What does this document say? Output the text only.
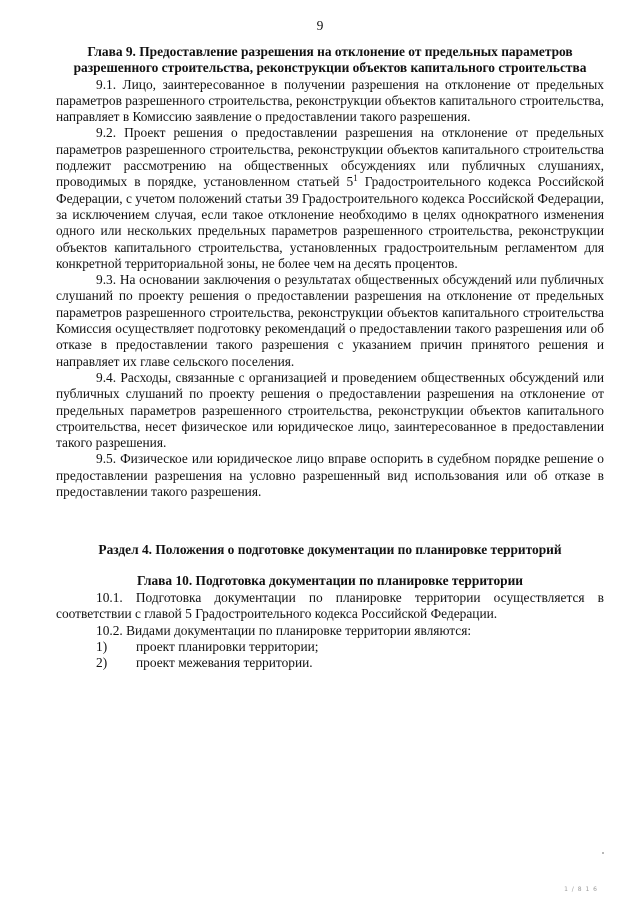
9

Глава 9. Предоставление разрешения на отклонение от предельных параметров разрешенного строительства, реконструкции объектов капитального строительства

9.1. Лицо, заинтересованное в получении разрешения на отклонение от предельных параметров разрешенного строительства, реконструкции объектов капитального строительства, направляет в Комиссию заявление о предоставлении такого разрешения.

9.2. Проект решения о предоставлении разрешения на отклонение от предельных параметров разрешенного строительства, реконструкции объектов капитального строительства подлежит рассмотрению на общественных обсуждениях или публичных слушаниях, проводимых в порядке, установленном статьей $5^1$ Градостроительного кодекса Российской Федерации, с учетом положений статьи 39 Градостроительного кодекса Российской Федерации, за исключением случая, если такое отклонение необходимо в целях однократного изменения одного или нескольких предельных параметров разрешенного строительства, реконструкции объектов капитального строительства, установленных градостроительным регламентом для конкретной территориальной зоны, не более чем на десять процентов.

9.3. На основании заключения о результатах общественных обсуждений или публичных слушаний по проекту решения о предоставлении разрешения на отклонение от предельных параметров разрешенного строительства, реконструкции объектов капитального строительства Комиссия осуществляет подготовку рекомендаций о предоставлении такого разрешения или об отказе в предоставлении такого разрешения с указанием причин принятого решения и направляет их главе сельского поселения.

9.4. Расходы, связанные с организацией и проведением общественных обсуждений или публичных слушаний по проекту решения о предоставлении разрешения на отклонение от предельных параметров разрешенного строительства, реконструкции объектов капитального строительства, несет физическое или юридическое лицо, заинтересованное в предоставлении такого разрешения.

9.5. Физическое или юридическое лицо вправе оспорить в судебном порядке решение о предоставлении разрешения на условно разрешенный вид использования или об отказе в предоставлении такого разрешения.

Раздел 4. Положения о подготовке документации по планировке территорий

Глава 10. Подготовка документации по планировке территории

10.1. Подготовка документации по планировке территории осуществляется в соответствии с главой 5 Градостроительного кодекса Российской Федерации.

10.2. Видами документации по планировке территории являются:

1)	проект планировки территории;
2)	проект межевания территории.
1 / 8 1 6
